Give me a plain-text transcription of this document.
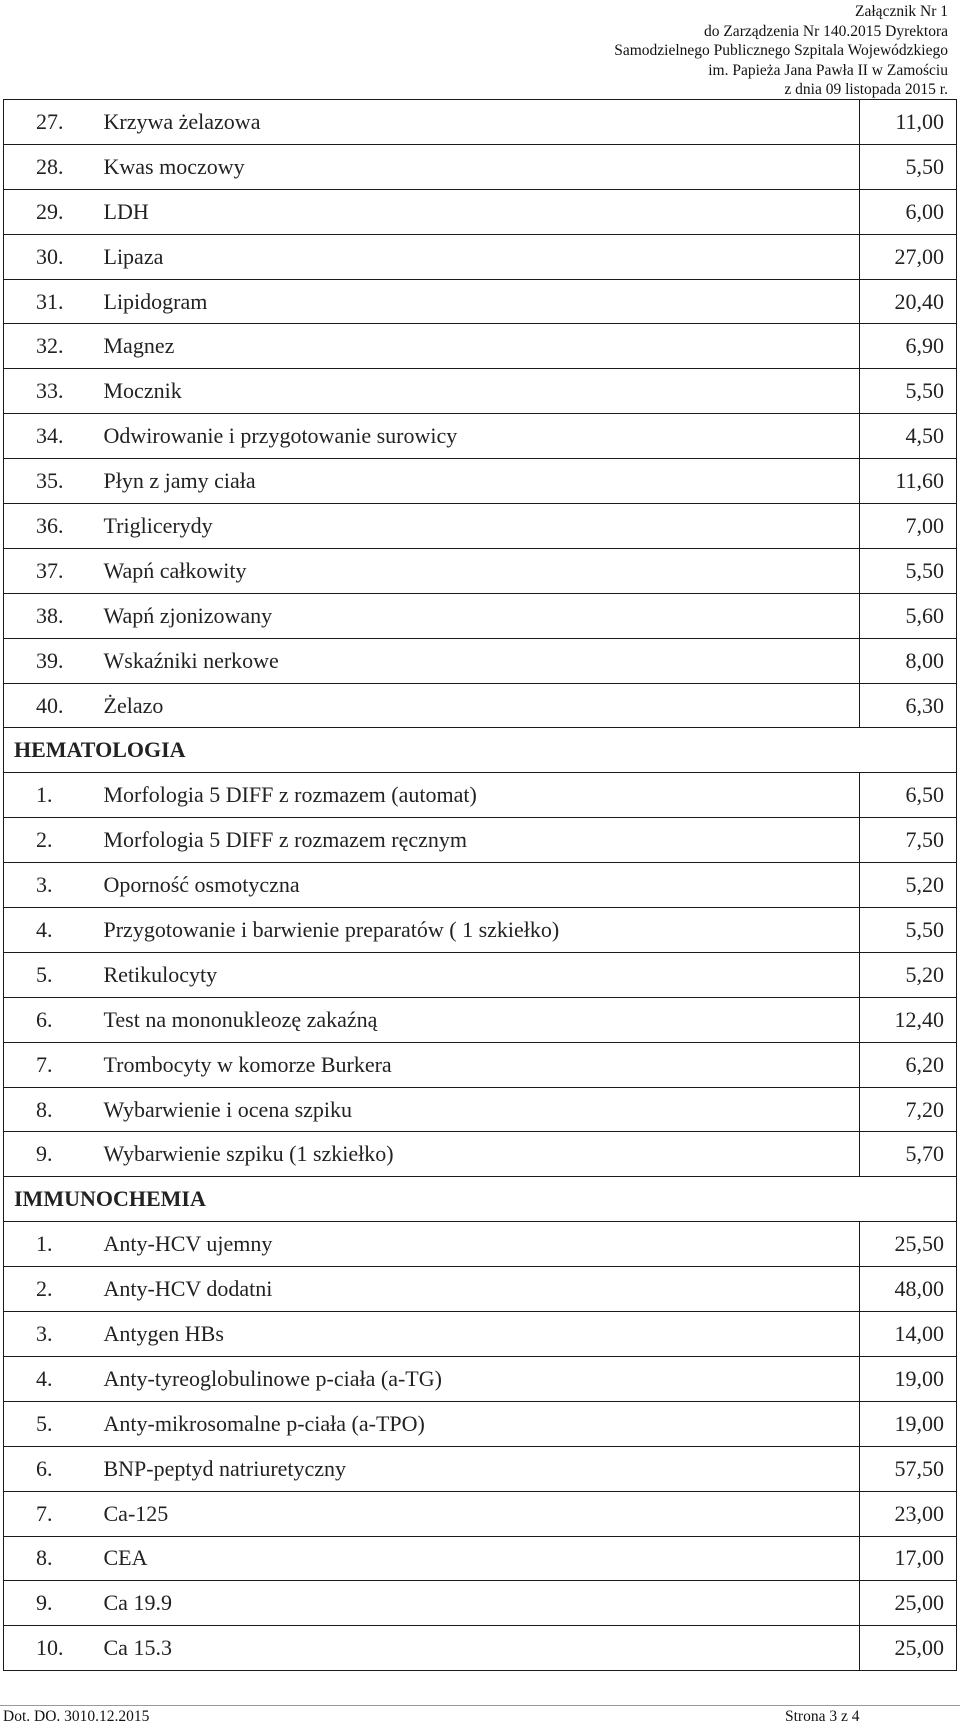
Załącznik Nr 1
do Zarządzenia Nr 140.2015 Dyrektora
Samodzielnego Publicznego Szpitala Wojewódzkiego
im. Papieża Jana Pawła II w Zamościu
z dnia 09 listopada 2015 r.
27.	Krzywa żelazowa	11,00
28.	Kwas moczowy	5,50
29.	LDH	6,00
30.	Lipaza	27,00
31.	Lipidogram	20,40
32.	Magnez	6,90
33.	Mocznik	5,50
34.	Odwirowanie i przygotowanie surowicy	4,50
35.	Płyn z jamy ciała	11,60
36.	Triglicerydy	7,00
37.	Wapń całkowity	5,50
38.	Wapń zjonizowany	5,60
39.	Wskaźniki nerkowe	8,00
40.	Żelazo	6,30
HEMATOLOGIA		
1.	Morfologia 5 DIFF z rozmazem (automat)	6,50
2.	Morfologia 5 DIFF z rozmazem ręcznym	7,50
3.	Oporność osmotyczna	5,20
4.	Przygotowanie i barwienie preparatów ( 1 szkiełko)	5,50
5.	Retikulocyty	5,20
6.	Test na mononukleozę zakaźną	12,40
7.	Trombocyty w komorze Burkera	6,20
8.	Wybarwienie i ocena szpiku	7,20
9.	Wybarwienie szpiku (1 szkiełko)	5,70
IMMUNOCHEMIA		
1.	Anty-HCV ujemny	25,50
2.	Anty-HCV dodatni	48,00
3.	Antygen HBs	14,00
4.	Anty-tyreoglobulinowe p-ciała (a-TG)	19,00
5.	Anty-mikrosomalne p-ciała (a-TPO)	19,00
6.	BNP-peptyd natriuretyczny	57,50
7.	Ca-125	23,00
8.	CEA	17,00
9.	Ca 19.9	25,00
10.	Ca 15.3	25,00
Dot. DO. 3010.12.2015	Strona 3 z 4
